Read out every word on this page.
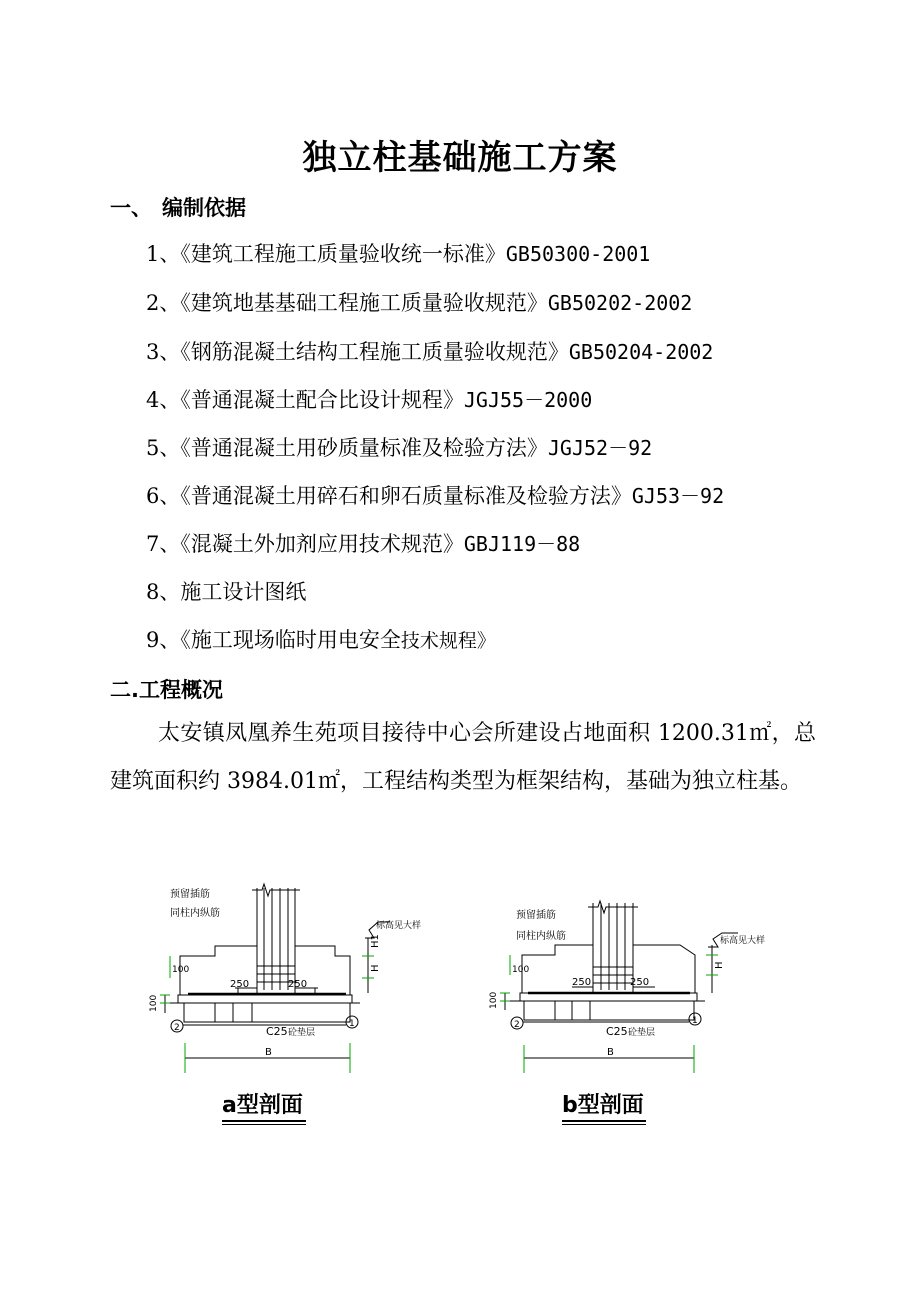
独立柱基础施工方案
一、 编制依据
1、《建筑工程施工质量验收统一标准》GB50300-2001
2、《建筑地基基础工程施工质量验收规范》GB50202-2002
3、《钢筋混凝土结构工程施工质量验收规范》GB50204-2002
4、《普通混凝土配合比设计规程》JGJ55－2000
5、《普通混凝土用砂质量标准及检验方法》JGJ52－92
6、《普通混凝土用碎石和卵石质量标准及检验方法》GJ53－92
7、《混凝土外加剂应用技术规范》GBJ119－88
8、施工设计图纸
9、《施工现场临时用电安全技术规程》
二.工程概况
太安镇凤凰养生苑项目接待中心会所建设占地面积 1200.31㎡，总建筑面积约 3984.01㎡，工程结构类型为框架结构，基础为独立柱基。
预留插筋
同柱内纵筋
标高见大样
100
100
250	250
H1
H
C25 砼垫层
B
2	1
a型剖面
预留插筋
同柱内纵筋	标高见大样
100
100
250	250
H
C25 砼垫层
B
2	1
b型剖面
